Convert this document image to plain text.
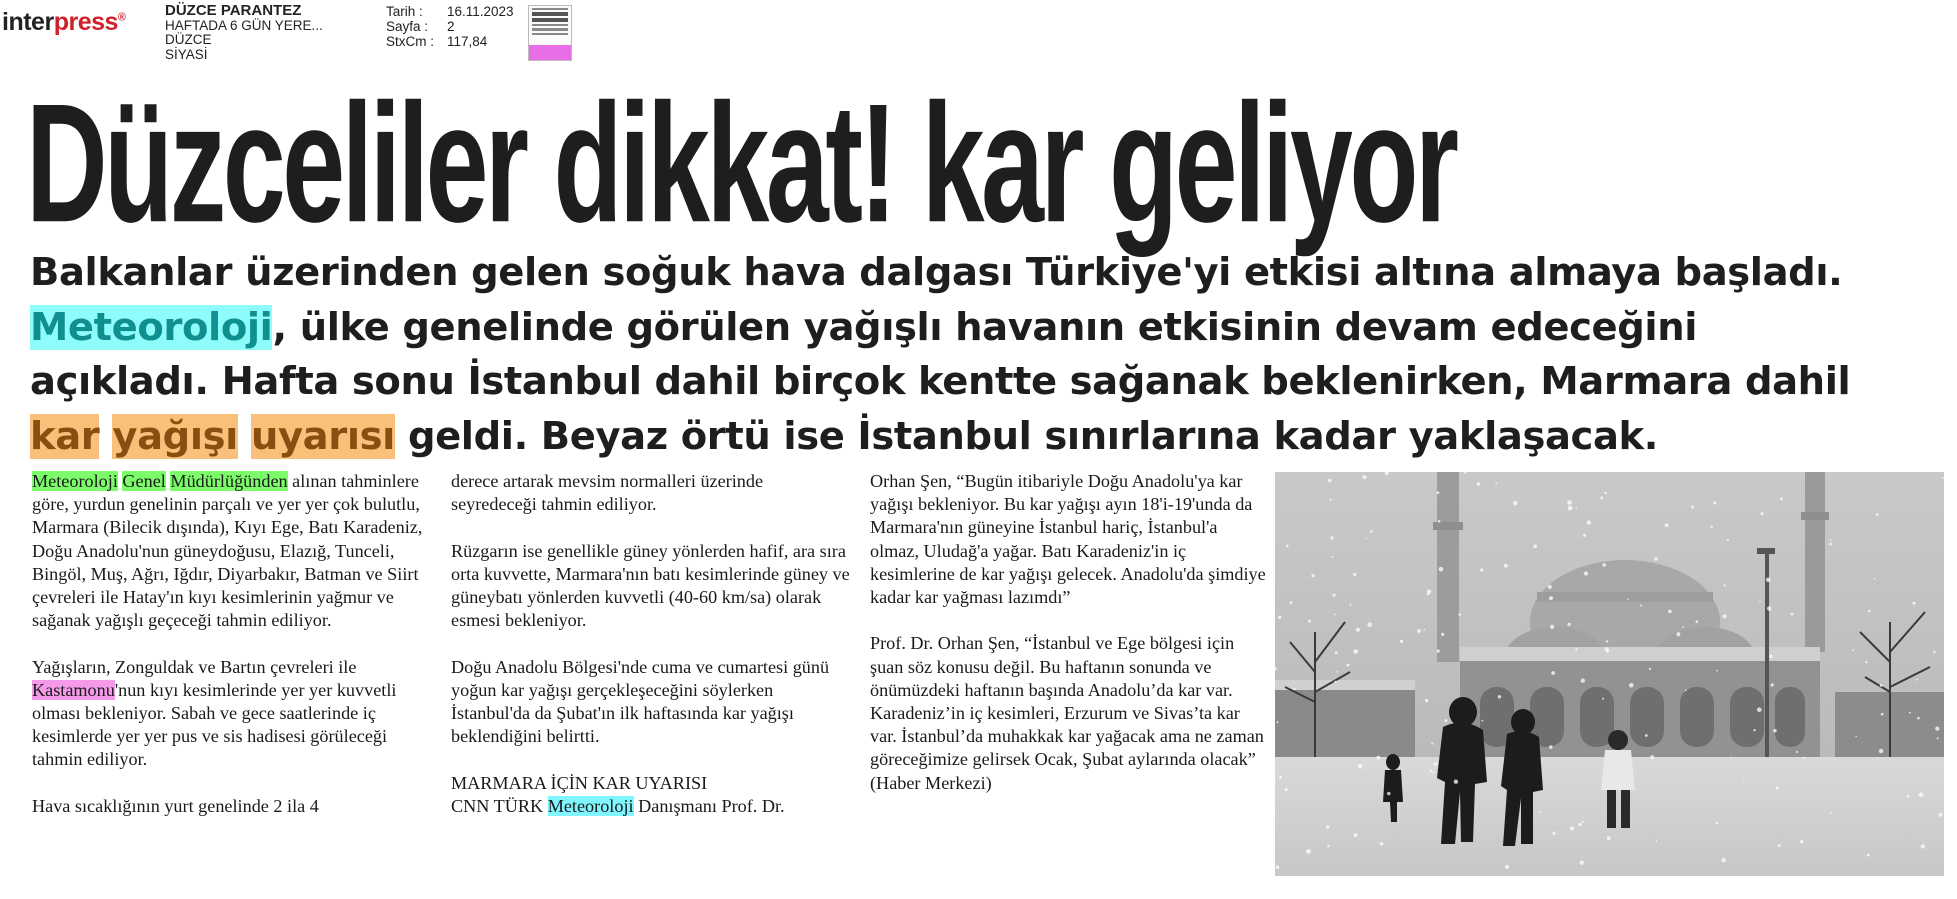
interpress®	DÜZCE PARANTEZ
HAFTADA 6 GÜN YERE...
DÜZCE
SİYASİ
Tarih :	16.11.2023
Sayfa :	2
StxCm : 117,84
Düzceliler dikkat! kar geliyor
Balkanlar üzerinden gelen soğuk hava dalgası Türkiye'yi etkisi altına almaya başladı.
Meteoroloji, ülke genelinde görülen yağışlı havanın etkisinin devam edeceğini
açıkladı. Hafta sonu İstanbul dahil birçok kentte sağanak beklenirken, Marmara dahil
kar yağışı uyarısı geldi. Beyaz örtü ise İstanbul sınırlarına kadar yaklaşacak.

Meteoroloji Genel Müdürlüğünden alınan tahminlere göre, yurdun genelinin parçalı ve yer yer çok bulutlu, Marmara (Bilecik dışında), Kıyı Ege, Batı Karadeniz, Doğu Anadolu'nun güneydoğusu, Elazığ, Tunceli, Bingöl, Muş, Ağrı, Iğdır, Diyarbakır, Batman ve Siirt çevreleri ile Hatay'ın kıyı kesimlerinin yağmur ve sağanak yağışlı geçeceği tahmin ediliyor.

Yağışların, Zonguldak ve Bartın çevreleri ile Kastamonu'nun kıyı kesimlerinde yer yer kuvvetli olması bekleniyor. Sabah ve gece saatlerinde iç kesimlerde yer yer pus ve sis hadisesi görüleceği tahmin ediliyor.

Hava sıcaklığının yurt genelinde 2 ila 4

derece artarak mevsim normalleri üzerinde seyredeceği tahmin ediliyor.

Rüzgarın ise genellikle güney yönlerden hafif, ara sıra orta kuvvette, Marmara'nın batı kesimlerinde güney ve güneybatı yönlerden kuvvetli (40-60 km/sa) olarak esmesi bekleniyor.

Doğu Anadolu Bölgesi'nde cuma ve cumartesi günü yoğun kar yağışı gerçekleşeceğini söylerken İstanbul'da da Şubat'ın ilk haftasında kar yağışı beklendiğini belirtti.

MARMARA İÇİN KAR UYARISI

CNN TÜRK Meteoroloji Danışmanı Prof. Dr.

Orhan Şen, “Bugün itibariyle Doğu Anadolu'ya kar yağışı bekleniyor. Bu kar yağışı ayın 18'i-19'unda da Marmara'nın güneyine İstanbul hariç, İstanbul'a olmaz, Uludağ'a yağar. Batı Karadeniz'in iç kesimlerine de kar yağışı gelecek. Anadolu'da şimdiye kadar kar yağması lazımdı”

Prof. Dr. Orhan Şen, “İstanbul ve Ege bölgesi için şuan söz konusu değil. Bu haftanın sonunda ve önümüzdeki haftanın başında Anadolu’da kar var. Karadeniz’in iç kesimleri, Erzurum ve Sivas’ta kar var. İstanbul’da muhakkak kar yağacak ama ne zaman göreceğimize gelirsek Ocak, Şubat aylarında olacak”

(Haber Merkezi)
